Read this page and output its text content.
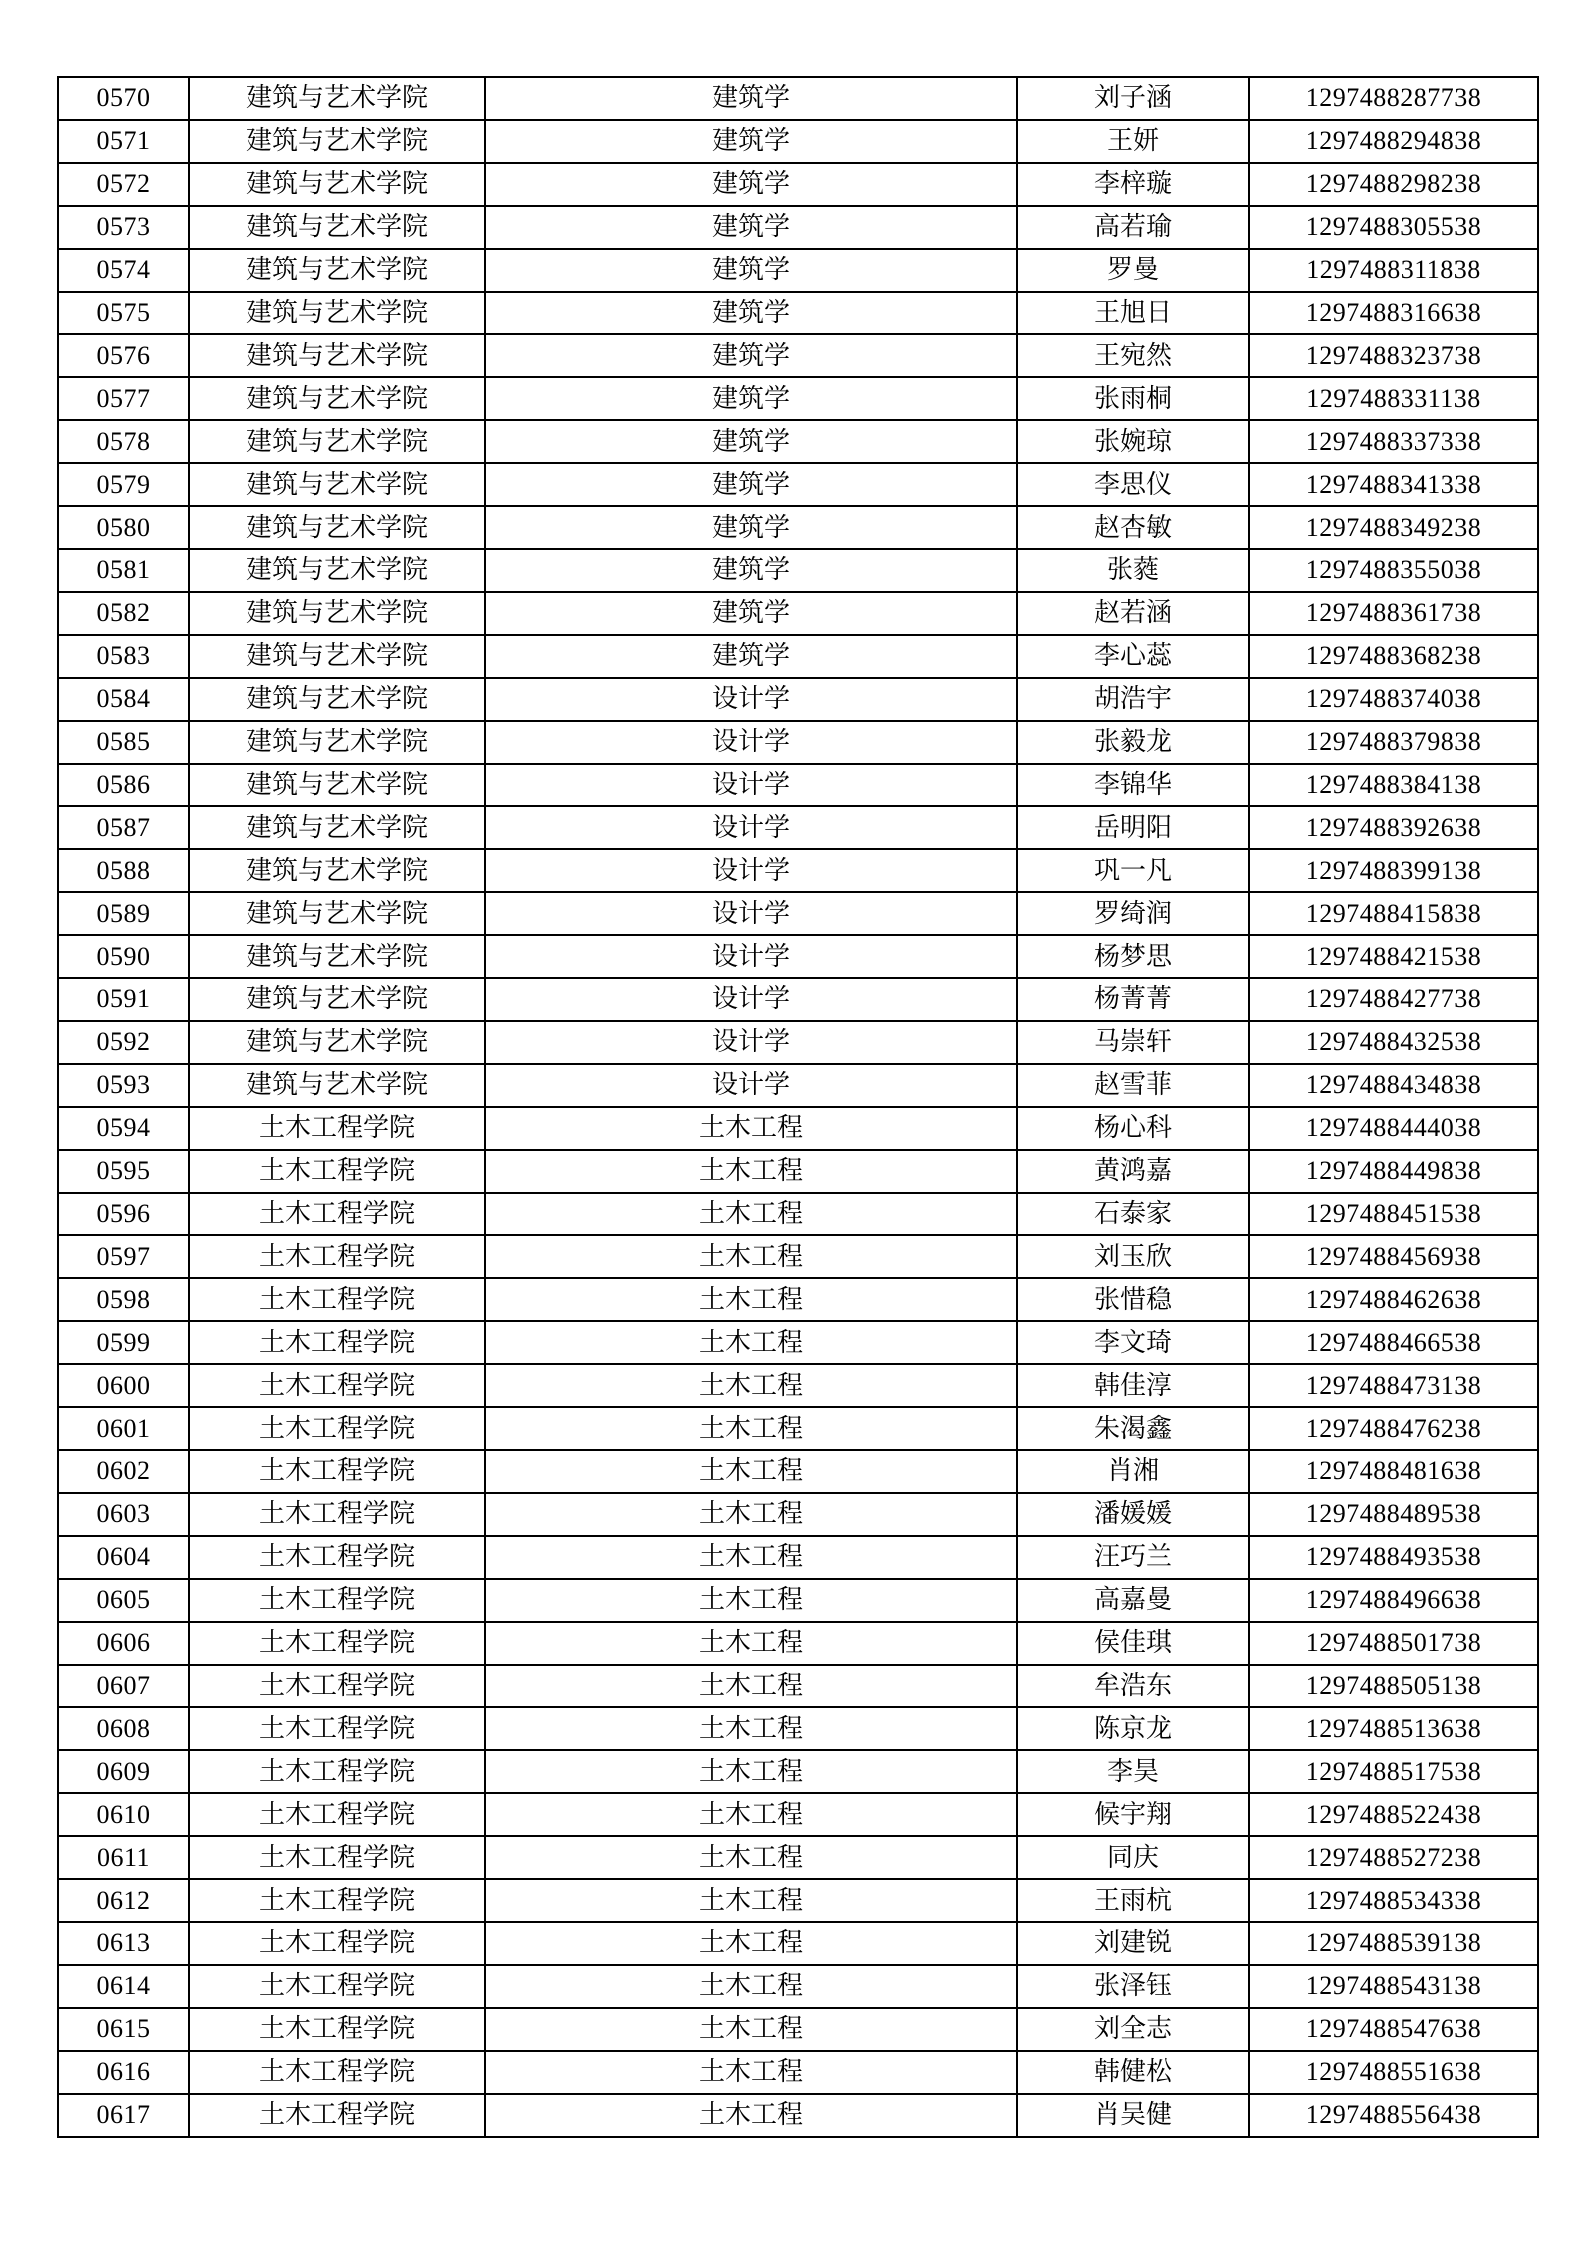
0570	建筑与艺术学院	建筑学	刘子涵	1297488287738
0571	建筑与艺术学院	建筑学	王妍	1297488294838
0572	建筑与艺术学院	建筑学	李梓璇	1297488298238
0573	建筑与艺术学院	建筑学	高若瑜	1297488305538
0574	建筑与艺术学院	建筑学	罗曼	1297488311838
0575	建筑与艺术学院	建筑学	王旭日	1297488316638
0576	建筑与艺术学院	建筑学	王宛然	1297488323738
0577	建筑与艺术学院	建筑学	张雨桐	1297488331138
0578	建筑与艺术学院	建筑学	张婉琼	1297488337338
0579	建筑与艺术学院	建筑学	李思仪	1297488341338
0580	建筑与艺术学院	建筑学	赵杏敏	1297488349238
0581	建筑与艺术学院	建筑学	张蕤	1297488355038
0582	建筑与艺术学院	建筑学	赵若涵	1297488361738
0583	建筑与艺术学院	建筑学	李心蕊	1297488368238
0584	建筑与艺术学院	设计学	胡浩宇	1297488374038
0585	建筑与艺术学院	设计学	张毅龙	1297488379838
0586	建筑与艺术学院	设计学	李锦华	1297488384138
0587	建筑与艺术学院	设计学	岳明阳	1297488392638
0588	建筑与艺术学院	设计学	巩一凡	1297488399138
0589	建筑与艺术学院	设计学	罗绮润	1297488415838
0590	建筑与艺术学院	设计学	杨梦思	1297488421538
0591	建筑与艺术学院	设计学	杨菁菁	1297488427738
0592	建筑与艺术学院	设计学	马崇轩	1297488432538
0593	建筑与艺术学院	设计学	赵雪菲	1297488434838
0594	土木工程学院	土木工程	杨心科	1297488444038
0595	土木工程学院	土木工程	黄鸿嘉	1297488449838
0596	土木工程学院	土木工程	石泰家	1297488451538
0597	土木工程学院	土木工程	刘玉欣	1297488456938
0598	土木工程学院	土木工程	张惜稳	1297488462638
0599	土木工程学院	土木工程	李文琦	1297488466538
0600	土木工程学院	土木工程	韩佳淳	1297488473138
0601	土木工程学院	土木工程	朱渴鑫	1297488476238
0602	土木工程学院	土木工程	肖湘	1297488481638
0603	土木工程学院	土木工程	潘媛媛	1297488489538
0604	土木工程学院	土木工程	汪巧兰	1297488493538
0605	土木工程学院	土木工程	高嘉曼	1297488496638
0606	土木工程学院	土木工程	侯佳琪	1297488501738
0607	土木工程学院	土木工程	牟浩东	1297488505138
0608	土木工程学院	土木工程	陈京龙	1297488513638
0609	土木工程学院	土木工程	李昊	1297488517538
0610	土木工程学院	土木工程	候宇翔	1297488522438
0611	土木工程学院	土木工程	同庆	1297488527238
0612	土木工程学院	土木工程	王雨杭	1297488534338
0613	土木工程学院	土木工程	刘建锐	1297488539138
0614	土木工程学院	土木工程	张泽钰	1297488543138
0615	土木工程学院	土木工程	刘全志	1297488547638
0616	土木工程学院	土木工程	韩健松	1297488551638
0617	土木工程学院	土木工程	肖吴健	1297488556438
